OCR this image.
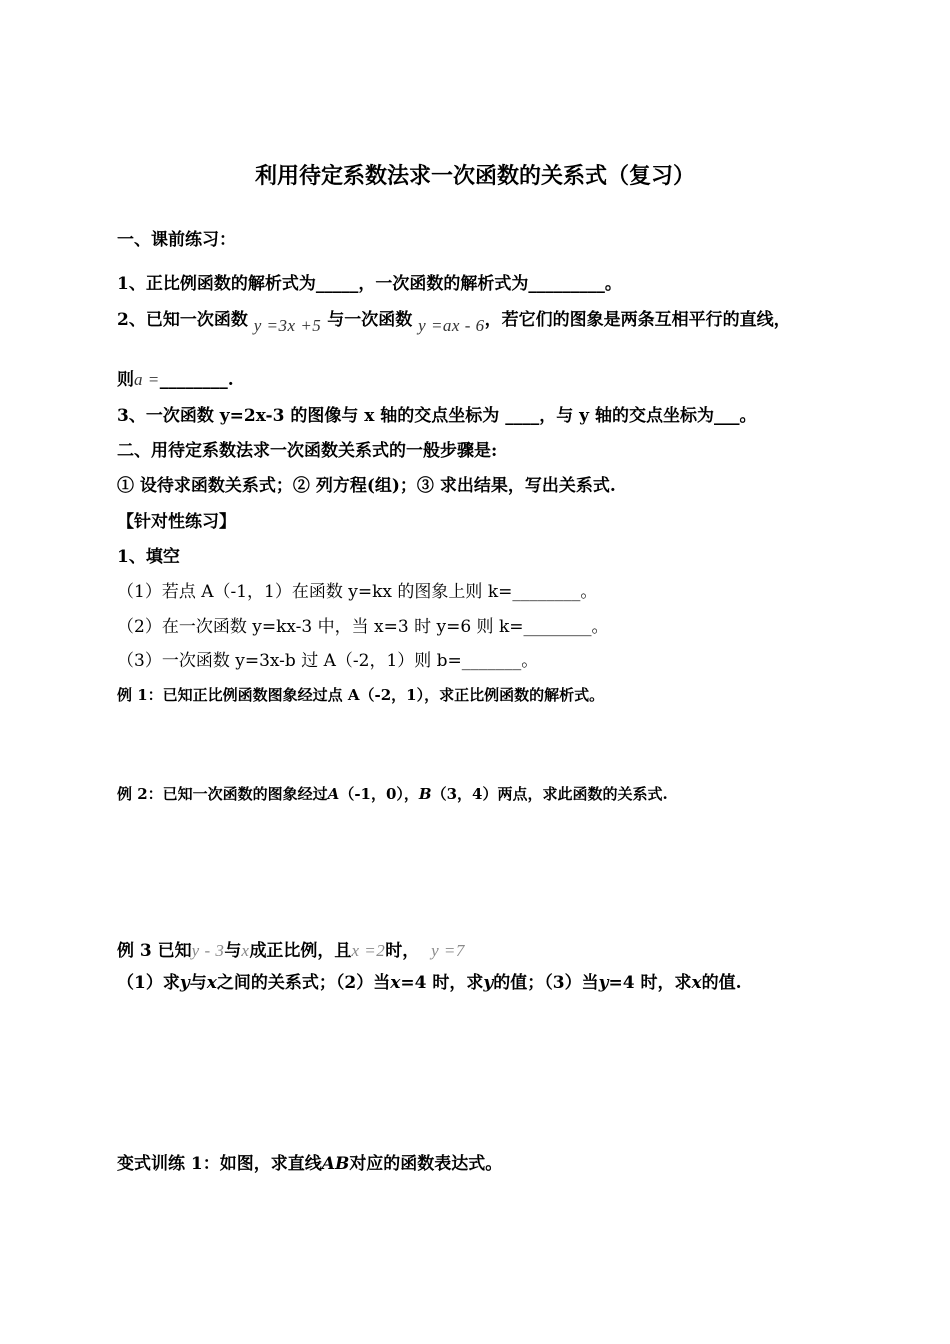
利用待定系数法求一次函数的关系式（复习）
一、课前练习：
1、正比例函数的解析式为_____，一次函数的解析式为_________。
2、已知一次函数 y =3x +5 与一次函数 y =ax - 6，若它们的图象是两条互相平行的直线，
则a =________.
3、一次函数 y=2x-3 的图像与 x 轴的交点坐标为 ____，与 y 轴的交点坐标为___。
二、用待定系数法求一次函数关系式的一般步骤是:
① 设待求函数关系式；② 列方程(组)；③ 求出结果，写出关系式.
【针对性练习】
1、填空
（1）若点 A（-1，1）在函数 y=kx 的图象上则 k=________。
（2）在一次函数 y=kx-3 中，当 x=3 时 y=6 则 k=________。
（3）一次函数 y=3x-b 过 A（-2，1）则 b=_______。
例 1：已知正比例函数图象经过点 A（-2，1），求正比例函数的解析式。
例 2：已知一次函数的图象经过A（-1，0），B（3，4）两点，求此函数的关系式.
例 3 已知y - 3与x成正比例，且x =2时， y =7
（1）求y与x之间的关系式；（2）当x=4 时，求y的值；（3）当y=4 时，求x的值.
变式训练 1：如图，求直线AB对应的函数表达式。
